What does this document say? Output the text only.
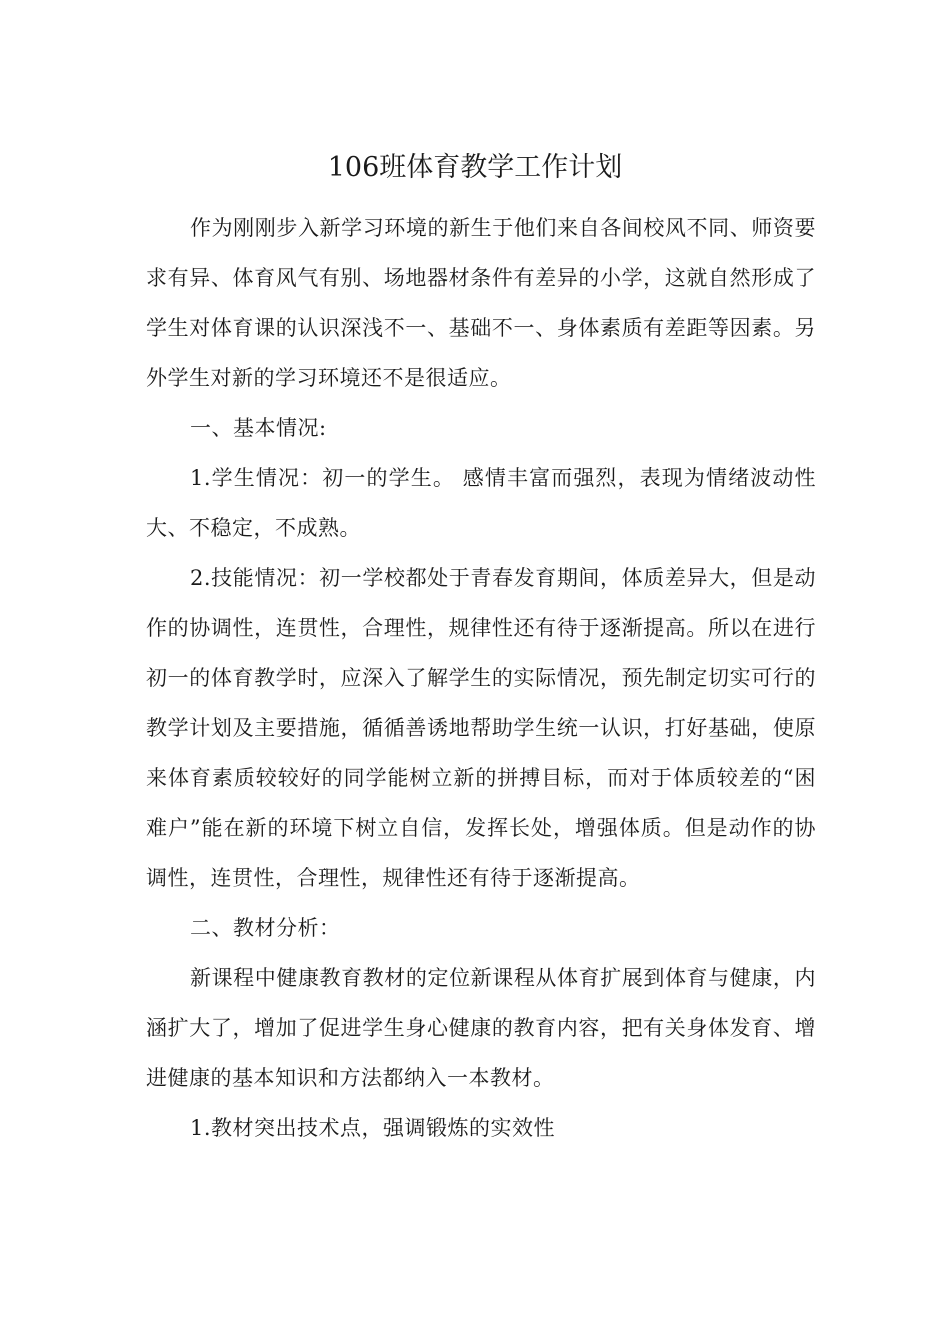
106班体育教学工作计划

作为刚刚步入新学习环境的新生于他们来自各间校风不同、师资要求有异、体育风气有别、场地器材条件有差异的小学，这就自然形成了学生对体育课的认识深浅不一、基础不一、身体素质有差距等因素。另外学生对新的学习环境还不是很适应。

一、基本情况:

1.学生情况：初一的学生。 感情丰富而强烈，表现为情绪波动性大、不稳定，不成熟。

2.技能情况：初一学校都处于青春发育期间，体质差异大，但是动作的协调性，连贯性，合理性，规律性还有待于逐渐提高。所以在进行初一的体育教学时，应深入了解学生的实际情况，预先制定切实可行的教学计划及主要措施，循循善诱地帮助学生统一认识，打好基础，使原来体育素质较较好的同学能树立新的拼搏目标，而对于体质较差的“困难户”能在新的环境下树立自信，发挥长处，增强体质。但是动作的协调性，连贯性，合理性，规律性还有待于逐渐提高。

二、教材分析：

新课程中健康教育教材的定位新课程从体育扩展到体育与健康，内涵扩大了，增加了促进学生身心健康的教育内容，把有关身体发育、增进健康的基本知识和方法都纳入一本教材。

1.教材突出技术点，强调锻炼的实效性
